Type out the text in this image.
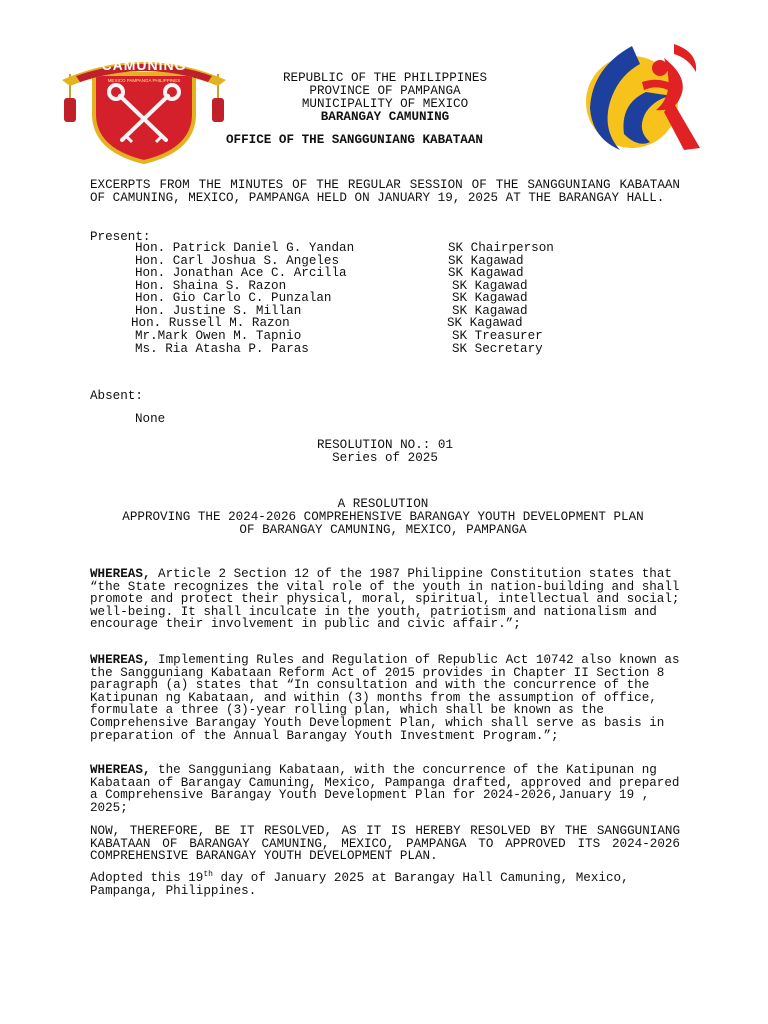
CAMUNING
MEXICO PAMPANGA PHILIPPINES	REPUBLIC OF THE PHILIPPINES
PROVINCE OF PAMPANGA
MUNICIPALITY OF MEXICO
BARANGAY CAMUNING
OFFICE OF THE SANGGUNIANG KABATAAN
EXCERPTS FROM THE MINUTES OF THE REGULAR SESSION OF THE SANGGUNIANG KABATAAN OF CAMUNING, MEXICO, PAMPANGA HELD ON JANUARY 19, 2025 AT THE BARANGAY HALL.
Present:
Hon. Patrick Daniel G. Yandan	SK Chairperson
Hon. Carl Joshua S. Angeles	SK Kagawad
Hon. Jonathan Ace C. Arcilla	SK Kagawad
Hon. Shaina S. Razon	SK Kagawad
Hon. Gio Carlo C. Punzalan	SK Kagawad
Hon. Justine S. Millan	SK Kagawad
Hon. Russell M. Razon	SK Kagawad
Mr.Mark Owen M. Tapnio	SK Treasurer
Ms. Ria Atasha P. Paras	SK Secretary
Absent:
None
RESOLUTION NO.: 01
Series of 2025
A RESOLUTION
APPROVING THE 2024-2026 COMPREHENSIVE BARANGAY YOUTH DEVELOPMENT PLAN
OF BARANGAY CAMUNING, MEXICO, PAMPANGA
WHEREAS, Article 2 Section 12 of the 1987 Philippine Constitution states that “the State recognizes the vital role of the youth in nation-building and shall promote and protect their physical, moral, spiritual, intellectual and social; well-being. It shall inculcate in the youth, patriotism and nationalism and encourage their involvement in public and civic affair.”;
WHEREAS, Implementing Rules and Regulation of Republic Act 10742 also known as the Sangguniang Kabataan Reform Act of 2015 provides in Chapter II Section 8 paragraph (a) states that “In consultation and with the concurrence of the Katipunan ng Kabataan, and within (3) months from the assumption of office, formulate a three (3)-year rolling plan, which shall be known as the Comprehensive Barangay Youth Development Plan, which shall serve as basis in preparation of the Annual Barangay Youth Investment Program.”;
WHEREAS, the Sangguniang Kabataan, with the concurrence of the Katipunan ng Kabataan of Barangay Camuning, Mexico, Pampanga drafted, approved and prepared a Comprehensive Barangay Youth Development Plan for 2024-2026,January 19 , 2025;
NOW, THEREFORE, BE IT RESOLVED, AS IT IS HEREBY RESOLVED BY THE SANGGUNIANG KABATAAN OF BARANGAY CAMUNING, MEXICO, PAMPANGA TO APPROVED ITS 2024-2026 COMPREHENSIVE BARANGAY YOUTH DEVELOPMENT PLAN.
Adopted this 19th day of January 2025 at Barangay Hall Camuning, Mexico, Pampanga, Philippines.
